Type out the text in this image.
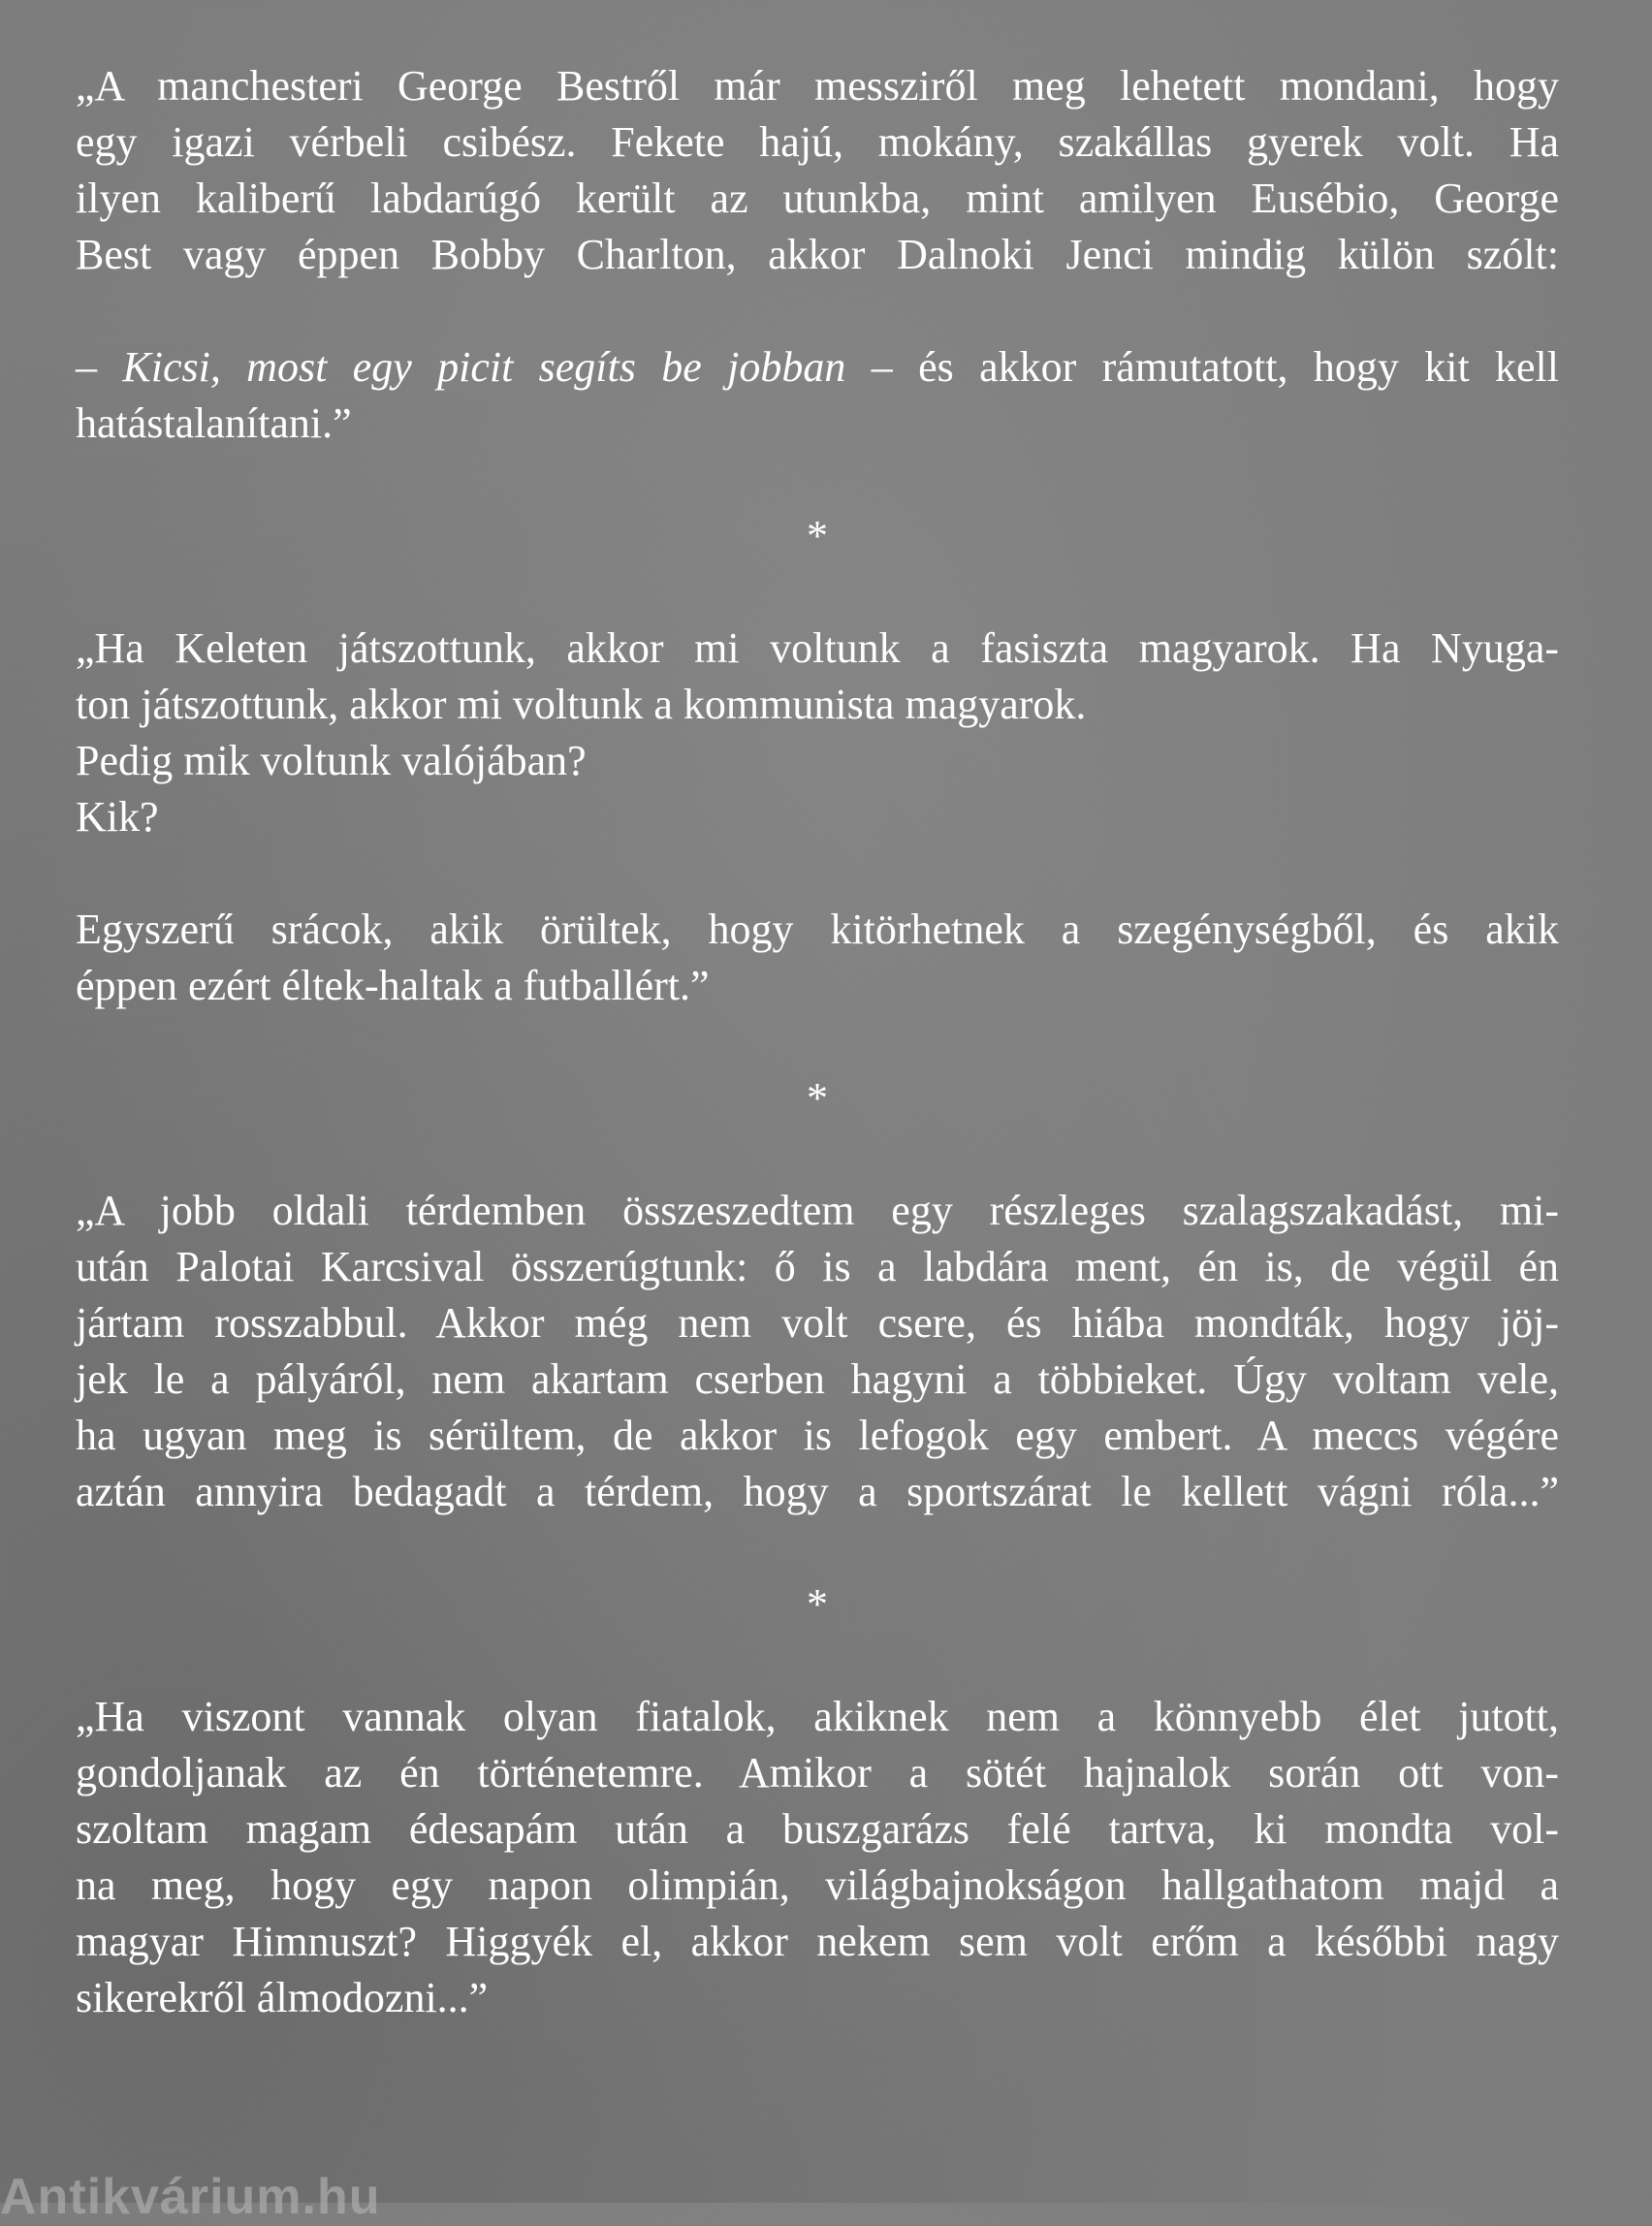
„A manchesteri George Bestről már messziről meg lehetett mondani, hogy
egy igazi vérbeli csibész. Fekete hajú, mokány, szakállas gyerek volt. Ha
ilyen kaliberű labdarúgó került az utunkba, mint amilyen Eusébio, George
Best vagy éppen Bobby Charlton, akkor Dalnoki Jenci mindig külön szólt:
– Kicsi, most egy picit segíts be jobban – és akkor rámutatott, hogy kit kell
hatástalanítani.”
*
„Ha Keleten játszottunk, akkor mi voltunk a fasiszta magyarok. Ha Nyuga-
ton játszottunk, akkor mi voltunk a kommunista magyarok.
Pedig mik voltunk valójában?
Kik?
Egyszerű srácok, akik örültek, hogy kitörhetnek a szegénységből, és akik
éppen ezért éltek-haltak a futballért.”
*
„A jobb oldali térdemben összeszedtem egy részleges szalagszakadást, mi-
után Palotai Karcsival összerúgtunk: ő is a labdára ment, én is, de végül én
jártam rosszabbul. Akkor még nem volt csere, és hiába mondták, hogy jöj-
jek le a pályáról, nem akartam cserben hagyni a többieket. Úgy voltam vele,
ha ugyan meg is sérültem, de akkor is lefogok egy embert. A meccs végére
aztán annyira bedagadt a térdem, hogy a sportszárat le kellett vágni róla...”
*
„Ha viszont vannak olyan fiatalok, akiknek nem a könnyebb élet jutott,
gondoljanak az én történetemre. Amikor a sötét hajnalok során ott von-
szoltam magam édesapám után a buszgarázs felé tartva, ki mondta vol-
na meg, hogy egy napon olimpián, világbajnokságon hallgathatom majd a
magyar Himnuszt? Higgyék el, akkor nekem sem volt erőm a későbbi nagy
sikerekről álmodozni...”
Antikvárium.hu
